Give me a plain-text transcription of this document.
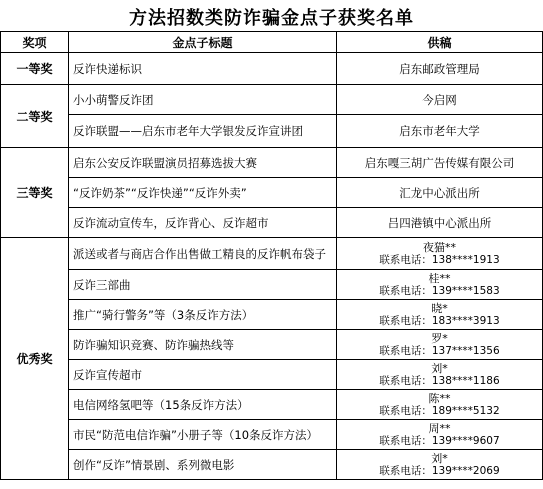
方法招数类防诈骗金点子获奖名单
奖项	金点子标题	供稿
一等奖	反诈快递标识	启东邮政管理局
二等奖	小小萌警反诈团	今启网
	反诈联盟——启东市老年大学银发反诈宣讲团	启东市老年大学
三等奖	启东公安反诈联盟演员招募选拔大赛	启东嘎三胡广告传媒有限公司
	“反诈奶茶”“反诈快递”“反诈外卖”	汇龙中心派出所
	反诈流动宣传车，反诈背心、反诈超市	吕四港镇中心派出所
优秀奖	派送或者与商店合作出售做工精良的反诈帆布袋子	夜猫**
联系电话：138****1913

	反诈三部曲	桂**
联系电话：139****1583

	推广“骑行警务”等（3条反诈方法）	晓*
联系电话：183****3913

	防诈骗知识竞赛、防诈骗热线等	罗*
联系电话：137****1356

	反诈宣传超市	刘*
联系电话：138****1186

	电信网络氢吧等（15条反诈方法）	陈**
联系电话：189****5132

	市民“防范电信诈骗”小册子等（10条反诈方法）	周**
联系电话：139****9607

	创作“反诈”情景剧、系列微电影	刘*
联系电话：139****2069
